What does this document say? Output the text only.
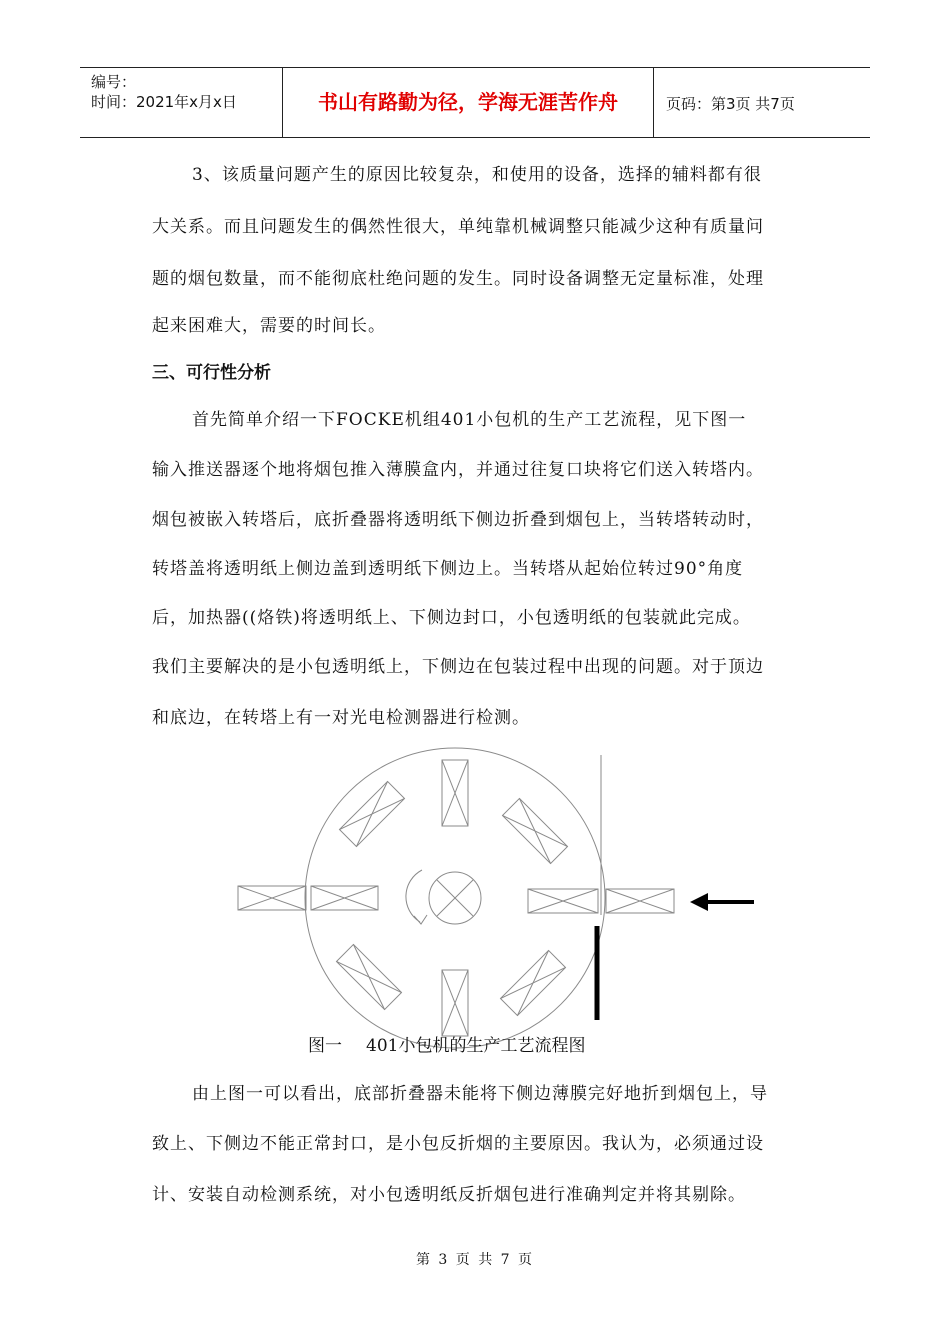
编号：
时间：2021年x月x日	书山有路勤为径，学海无涯苦作舟	页码：第3页 共7页
3、该质量问题产生的原因比较复杂，和使用的设备，选择的辅料都有很
大关系。而且问题发生的偶然性很大，单纯靠机械调整只能减少这种有质量问
题的烟包数量，而不能彻底杜绝问题的发生。同时设备调整无定量标准，处理
起来困难大，需要的时间长。
三、可行性分析
首先简单介绍一下FOCKE机组401小包机的生产工艺流程，见下图一
输入推送器逐个地将烟包推入薄膜盒内，并通过往复口块将它们送入转塔内。
烟包被嵌入转塔后，底折叠器将透明纸下侧边折叠到烟包上，当转塔转动时，
转塔盖将透明纸上侧边盖到透明纸下侧边上。当转塔从起始位转过90°角度
后，加热器((烙铁)将透明纸上、下侧边封口，小包透明纸的包装就此完成。
我们主要解决的是小包透明纸上，下侧边在包装过程中出现的问题。对于顶边
和底边，在转塔上有一对光电检测器进行检测。
图一 401小包机的生产工艺流程图
由上图一可以看出，底部折叠器未能将下侧边薄膜完好地折到烟包上，导
致上、下侧边不能正常封口，是小包反折烟的主要原因。我认为，必须通过设
计、安装自动检测系统，对小包透明纸反折烟包进行准确判定并将其剔除。
第 3 页 共 7 页
